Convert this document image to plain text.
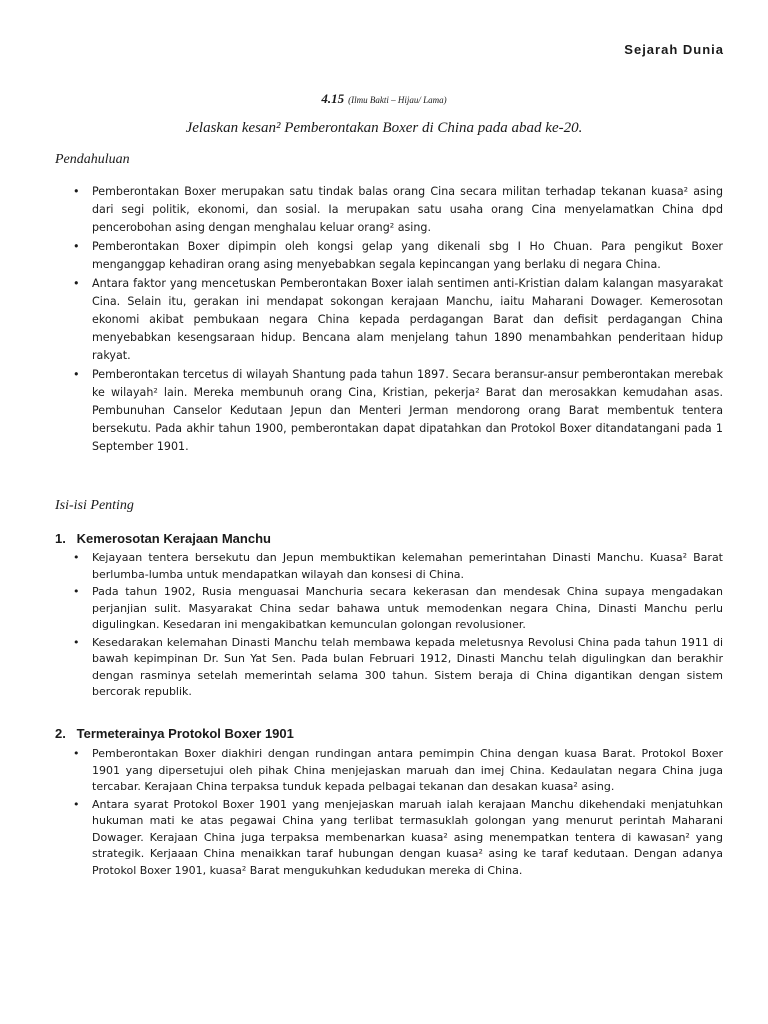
Sejarah Dunia
4.15 (Ilmu Bakti – Hijau/ Lama)
Jelaskan kesan² Pemberontakan Boxer di China pada abad ke-20.
Pendahuluan
• Pemberontakan Boxer merupakan satu tindak balas orang Cina secara militan terhadap tekanan kuasa² asing dari segi politik, ekonomi, dan sosial. Ia merupakan satu usaha orang Cina menyelamatkan China dpd pencerobohan asing dengan menghalau keluar orang² asing.
• Pemberontakan Boxer dipimpin oleh kongsi gelap yang dikenali sbg I Ho Chuan. Para pengikut Boxer menganggap kehadiran orang asing menyebabkan segala kepincangan yang berlaku di negara China.
• Antara faktor yang mencetuskan Pemberontakan Boxer ialah sentimen anti-Kristian dalam kalangan masyarakat Cina. Selain itu, gerakan ini mendapat sokongan kerajaan Manchu, iaitu Maharani Dowager. Kemerosotan ekonomi akibat pembukaan negara China kepada perdagangan Barat dan defisit perdagangan China menyebabkan kesengsaraan hidup. Bencana alam menjelang tahun 1890 menambahkan penderitaan hidup rakyat.
• Pemberontakan tercetus di wilayah Shantung pada tahun 1897. Secara beransur-ansur pemberontakan merebak ke wilayah² lain. Mereka membunuh orang Cina, Kristian, pekerja² Barat dan merosakkan kemudahan asas. Pembunuhan Canselor Kedutaan Jepun dan Menteri Jerman mendorong orang Barat membentuk tentera bersekutu. Pada akhir tahun 1900, pemberontakan dapat dipatahkan dan Protokol Boxer ditandatangani pada 1 September 1901.
Isi-isi Penting
1. Kemerosotan Kerajaan Manchu
• Kejayaan tentera bersekutu dan Jepun membuktikan kelemahan pemerintahan Dinasti Manchu. Kuasa² Barat berlumba-lumba untuk mendapatkan wilayah dan konsesi di China.
• Pada tahun 1902, Rusia menguasai Manchuria secara kekerasan dan mendesak China supaya mengadakan perjanjian sulit. Masyarakat China sedar bahawa untuk memodenkan negara China, Dinasti Manchu perlu digulingkan. Kesedaran ini mengakibatkan kemunculan golongan revolusioner.
• Kesedarakan kelemahan Dinasti Manchu telah membawa kepada meletusnya Revolusi China pada tahun 1911 di bawah kepimpinan Dr. Sun Yat Sen. Pada bulan Februari 1912, Dinasti Manchu telah digulingkan dan berakhir dengan rasminya setelah memerintah selama 300 tahun. Sistem beraja di China digantikan dengan sistem bercorak republik.
2. Termeterainya Protokol Boxer 1901
• Pemberontakan Boxer diakhiri dengan rundingan antara pemimpin China dengan kuasa Barat. Protokol Boxer 1901 yang dipersetujui oleh pihak China menjejaskan maruah dan imej China. Kedaulatan negara China juga tercabar. Kerajaan China terpaksa tunduk kepada pelbagai tekanan dan desakan kuasa² asing.
• Antara syarat Protokol Boxer 1901 yang menjejaskan maruah ialah kerajaan Manchu dikehendaki menjatuhkan hukuman mati ke atas pegawai China yang terlibat termasuklah golongan yang menurut perintah Maharani Dowager. Kerajaan China juga terpaksa membenarkan kuasa² asing menempatkan tentera di kawasan² yang strategik. Kerjaaan China menaikkan taraf hubungan dengan kuasa² asing ke taraf kedutaan. Dengan adanya Protokol Boxer 1901, kuasa² Barat mengukuhkan kedudukan mereka di China.
